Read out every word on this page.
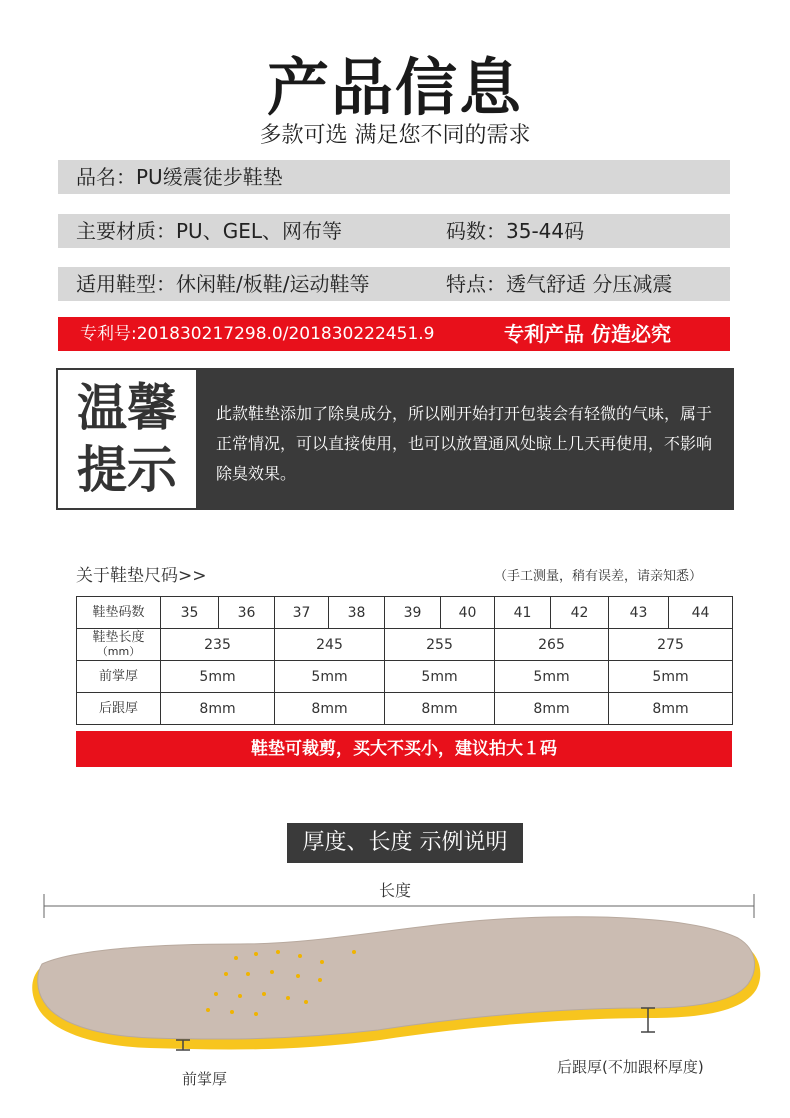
产品信息
多款可选 满足您不同的需求
品名：PU缓震徒步鞋垫
主要材质：PU、GEL、网布等	码数：35-44码
适用鞋型：休闲鞋/板鞋/运动鞋等	特点：透气舒适 分压减震
专利号:201830217298.0/201830222451.9	专利产品 仿造必究
温馨
提示
此款鞋垫添加了除臭成分，所以刚开始打开包装会有轻微的气味，属于正常情况，可以直接使用，也可以放置通风处晾上几天再使用，不影响除臭效果。
关于鞋垫尺码>>	（手工测量，稍有误差，请亲知悉）
鞋垫码数	35	36	37	38	39	40	41	42	43	44

鞋垫长度
（mm）	235		245		255		265		275	
前掌厚	5mm		5mm		5mm		5mm		5mm	
后跟厚	8mm		8mm		8mm		8mm		8mm	
鞋垫可裁剪，买大不买小，建议拍大１码
厚度、长度 示例说明
长度
前掌厚
后跟厚(不加跟杯厚度)
